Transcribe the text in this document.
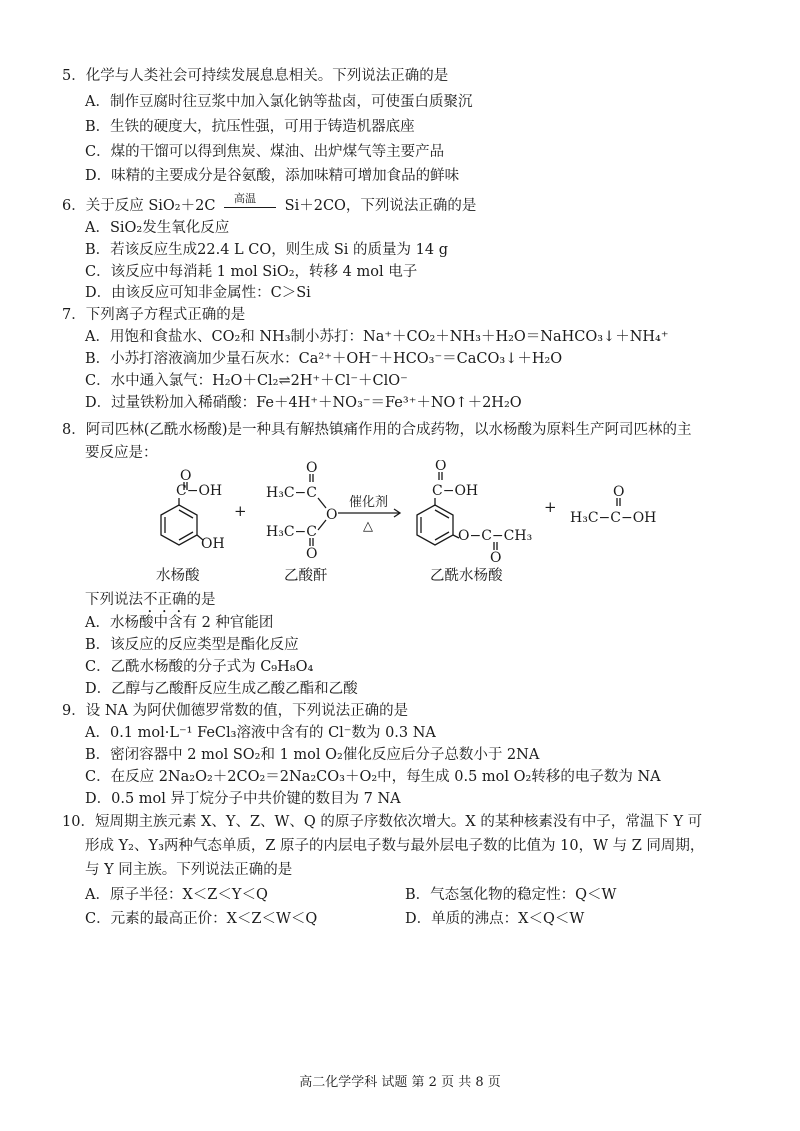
5．化学与人类社会可持续发展息息相关。下列说法正确的是
A．制作豆腐时往豆浆中加入氯化钠等盐卤，可使蛋白质聚沉
B．生铁的硬度大，抗压性强，可用于铸造机器底座
C．煤的干馏可以得到焦炭、煤油、出炉煤气等主要产品
D．味精的主要成分是谷氨酸，添加味精可增加食品的鲜味
6．关于反应 SiO₂＋2C 高温 Si＋2CO，下列说法正确的是
A．SiO₂发生氧化反应
B．若该反应生成22.4 L CO，则生成 Si 的质量为 14 g
C．该反应中每消耗 1 mol SiO₂，转移 4 mol 电子
D．由该反应可知非金属性：C＞Si
7．下列离子方程式正确的是
A．用饱和食盐水、CO₂和 NH₃制小苏打：Na⁺＋CO₂＋NH₃＋H₂O＝NaHCO₃↓＋NH₄⁺
B．小苏打溶液滴加少量石灰水：Ca²⁺＋OH⁻＋HCO₃⁻＝CaCO₃↓＋H₂O
C．水中通入氯气：H₂O＋Cl₂⇌2H⁺＋Cl⁻＋ClO⁻
D．过量铁粉加入稀硝酸：Fe＋4H⁺＋NO₃⁻＝Fe³⁺＋NO↑＋2H₂O
8．阿司匹林(乙酰水杨酸)是一种具有解热镇痛作用的合成药物，以水杨酸为原料生产阿司匹林的主
要反应是：
C−OH
O
OH
+
O
H₃C−C
O
H₃C−C
O
催化剂
△
O
C−OH
O−C−CH₃
O
+
O
H₃C−C−OH
水杨酸	乙酸酐	乙酰水杨酸
下列说法不正确的是
A．水杨酸中含有 2 种官能团
B．该反应的反应类型是酯化反应
C．乙酰水杨酸的分子式为 C₉H₈O₄
D．乙醇与乙酸酐反应生成乙酸乙酯和乙酸
9．设 NA 为阿伏伽德罗常数的值，下列说法正确的是
A．0.1 mol·L⁻¹ FeCl₃溶液中含有的 Cl⁻数为 0.3 NA
B．密闭容器中 2 mol SO₂和 1 mol O₂催化反应后分子总数小于 2NA
C．在反应 2Na₂O₂＋2CO₂＝2Na₂CO₃＋O₂中，每生成 0.5 mol O₂转移的电子数为 NA
D．0.5 mol 异丁烷分子中共价键的数目为 7 NA
10．短周期主族元素 X、Y、Z、W、Q 的原子序数依次增大。X 的某种核素没有中子，常温下 Y 可
形成 Y₂、Y₃两种气态单质，Z 原子的内层电子数与最外层电子数的比值为 10，W 与 Z 同周期，
与 Y 同主族。下列说法正确的是
A．原子半径：X＜Z＜Y＜Q	B．气态氢化物的稳定性：Q＜W
C．元素的最高正价：X＜Z＜W＜Q	D．单质的沸点：X＜Q＜W
高二化学学科 试题 第 2 页 共 8 页
